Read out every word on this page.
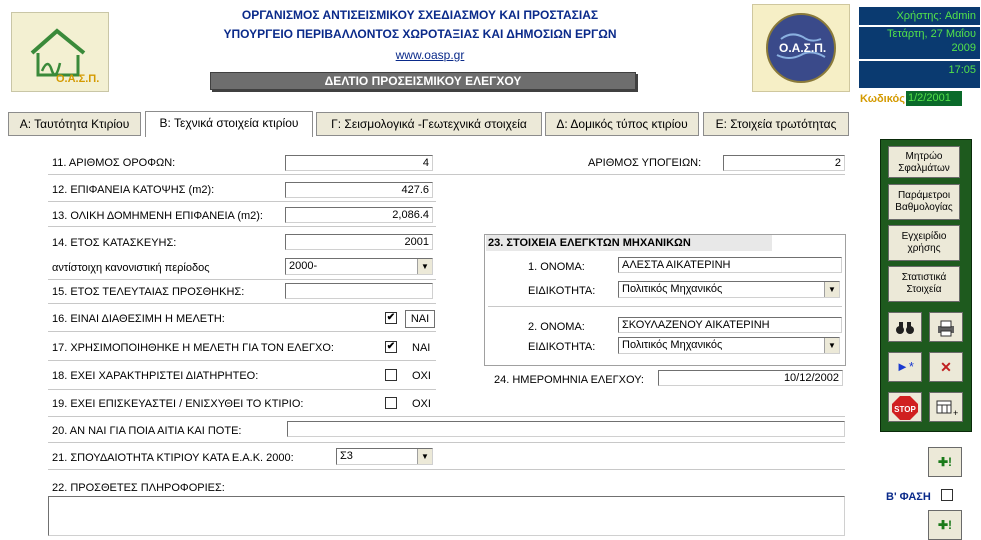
Ο.Α.Σ.Π.
ΟΡΓΑΝΙΣΜΟΣ ΑΝΤΙΣΕΙΣΜΙΚΟΥ ΣΧΕΔΙΑΣΜΟΥ ΚΑΙ ΠΡΟΣΤΑΣΙΑΣ
ΥΠΟΥΡΓΕΙΟ ΠΕΡΙΒΑΛΛΟΝΤΟΣ ΧΩΡΟΤΑΞΙΑΣ ΚΑΙ ΔΗΜΟΣΙΩΝ ΕΡΓΩΝ
www.oasp.gr
ΔΕΛΤΙΟ ΠΡΟΣΕΙΣΜΙΚΟΥ ΕΛΕΓΧΟΥ
Ο.Α.Σ.Π.
Χρήστης: Admin
Τετάρτη, 27 Μαΐου
2009
17:05
Κωδικός 1/2/2001
Α: Ταυτότητα Κτιρίου	Β: Τεχνικά στοιχεία κτιρίου	Γ: Σεισμολογικά -Γεωτεχνικά στοιχεία	Δ: Δομικός τύπος κτιρίου	Ε: Στοιχεία τρωτότητας
11. ΑΡΙΘΜΟΣ ΟΡΟΦΩΝ:	4	ΑΡΙΘΜΟΣ ΥΠΟΓΕΙΩΝ:	2
12. ΕΠΙΦΑΝΕΙΑ ΚΑΤΟΨΗΣ (m2):	427.6
13. ΟΛΙΚΗ ΔΟΜΗΜΕΝΗ ΕΠΙΦΑΝΕΙΑ (m2):	2,086.4
14. ΕΤΟΣ ΚΑΤΑΣΚΕΥΗΣ:	2001
αντίστοιχη κανονιστική περίοδος	2000-	▼
15. ΕΤΟΣ ΤΕΛΕΥΤΑΙΑΣ ΠΡΟΣΘΗΚΗΣ:
16. ΕΙΝΑΙ ΔΙΑΘΕΣΙΜΗ Η ΜΕΛΕΤΗ:	✔	ΝΑΙ
17. ΧΡΗΣΙΜΟΠΟΙΗΘΗΚΕ Η ΜΕΛΕΤΗ ΓΙΑ ΤΟΝ ΕΛΕΓΧΟ:	✔ ΝΑΙ
18. ΕΧΕΙ ΧΑΡΑΚΤΗΡΙΣΤΕΙ ΔΙΑΤΗΡΗΤΕΟ:	ΟΧΙ
19. ΕΧΕΙ ΕΠΙΣΚΕΥΑΣΤΕΙ / ΕΝΙΣΧΥΘΕΙ ΤΟ ΚΤΙΡΙΟ:	ΟΧΙ
20. ΑΝ ΝΑΙ ΓΙΑ ΠΟΙΑ ΑΙΤΙΑ ΚΑΙ ΠΟΤΕ:
21. ΣΠΟΥΔΑΙΟΤΗΤΑ ΚΤΙΡΙΟΥ ΚΑΤΑ Ε.Α.Κ. 2000:	Σ3	▼
22. ΠΡΟΣΘΕΤΕΣ ΠΛΗΡΟΦΟΡΙΕΣ:
23. ΣΤΟΙΧΕΙΑ ΕΛΕΓΚΤΩΝ ΜΗΧΑΝΙΚΩΝ
1. ΟΝΟΜΑ:	ΑΛΕΣΤΑ ΑΙΚΑΤΕΡΙΝΗ
ΕΙΔΙΚΟΤΗΤΑ:	Πολιτικός Μηχανικός	▼
2. ΟΝΟΜΑ:	ΣΚΟΥΛΑΖΕΝΟΥ ΑΙΚΑΤΕΡΙΝΗ
ΕΙΔΙΚΟΤΗΤΑ:	Πολιτικός Μηχανικός	▼
24. ΗΜΕΡΟΜΗΝΙΑ ΕΛΕΓΧΟΥ:	10/12/2002
Μητρώο
Σφαλμάτων
Παράμετροι
Βαθμολογίας
Εγχειρίδιο
χρήσης
Στατιστικά
Στοιχεία
►*	✕
STOP	+
✚!
Β' ΦΑΣΗ
✚!
